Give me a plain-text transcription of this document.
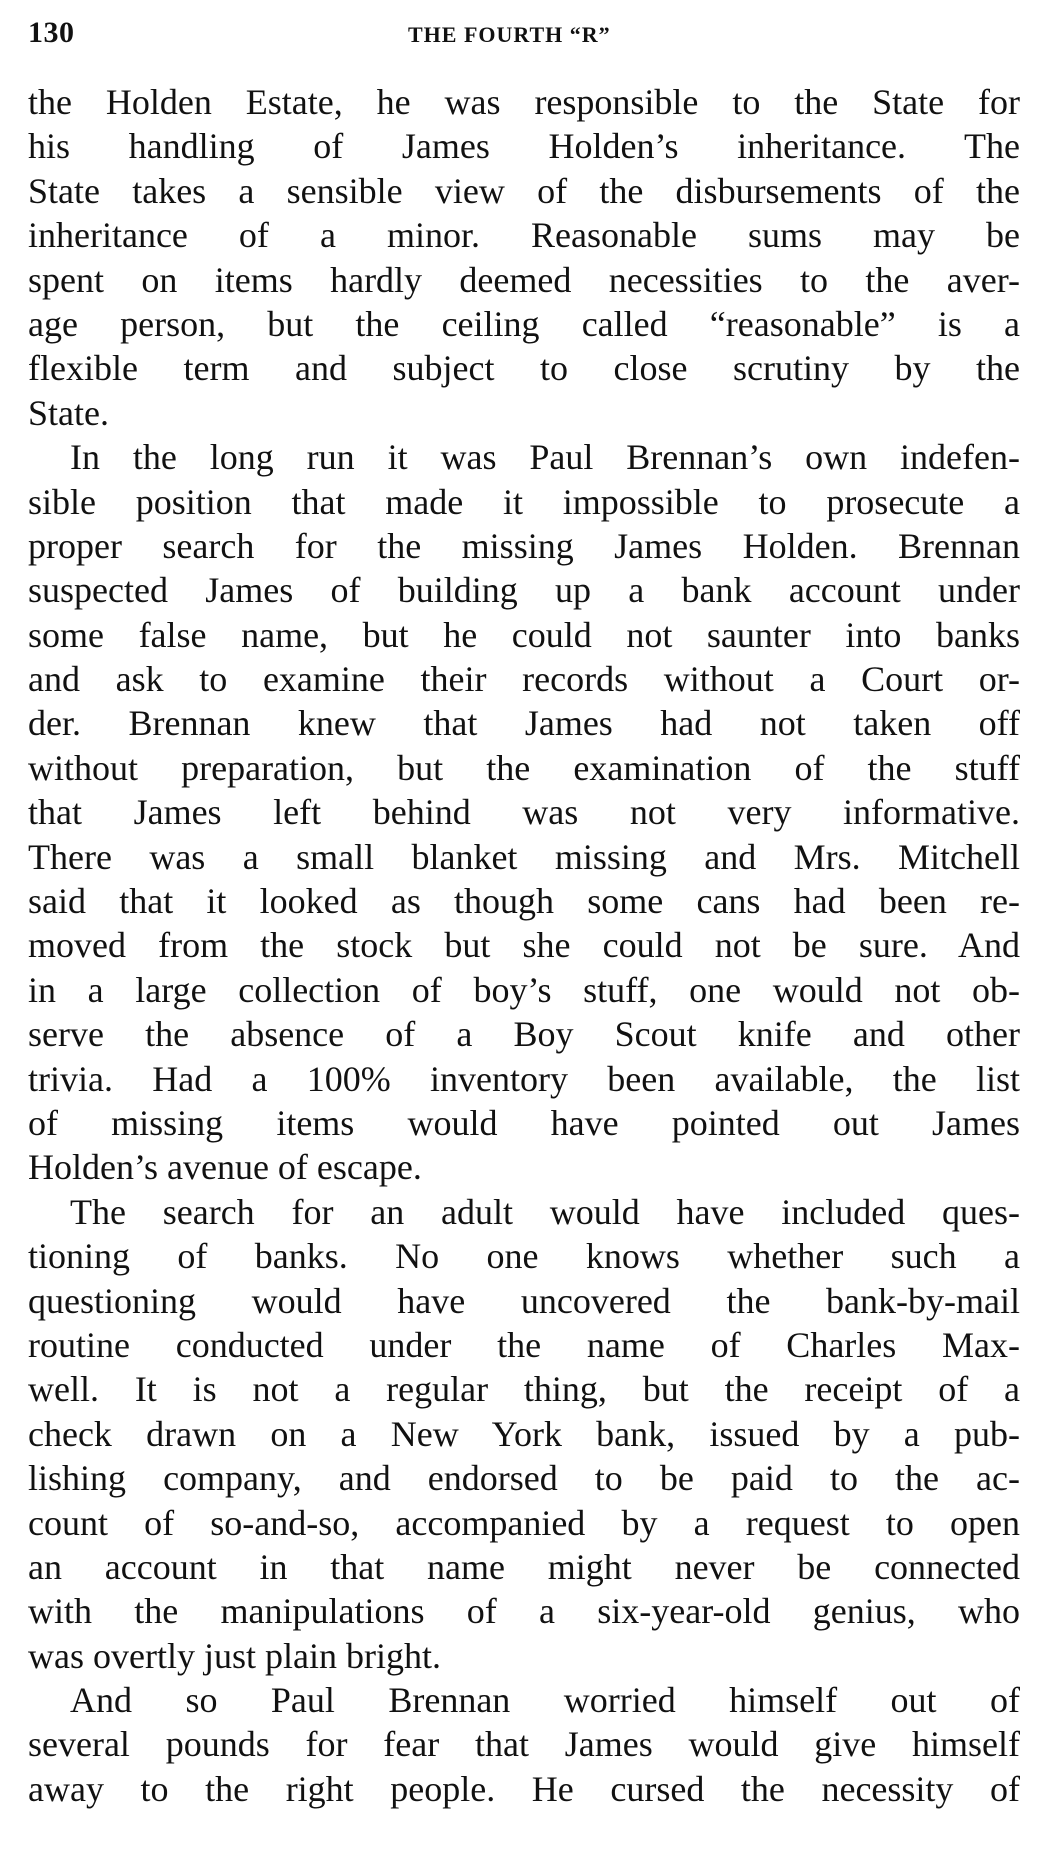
130	THE FOURTH “R”
the Holden Estate, he was responsible to the State for
his handling of James Holden’s inheritance. The
State takes a sensible view of the disbursements of the
inheritance of a minor. Reasonable sums may be
spent on items hardly deemed necessities to the aver-
age person, but the ceiling called “reasonable” is a
flexible term and subject to close scrutiny by the
State.
In the long run it was Paul Brennan’s own indefen-
sible position that made it impossible to prosecute a
proper search for the missing James Holden. Brennan
suspected James of building up a bank account under
some false name, but he could not saunter into banks
and ask to examine their records without a Court or-
der. Brennan knew that James had not taken off
without preparation, but the examination of the stuff
that James left behind was not very informative.
There was a small blanket missing and Mrs. Mitchell
said that it looked as though some cans had been re-
moved from the stock but she could not be sure. And
in a large collection of boy’s stuff, one would not ob-
serve the absence of a Boy Scout knife and other
trivia. Had a 100% inventory been available, the list
of missing items would have pointed out James
Holden’s avenue of escape.
The search for an adult would have included ques-
tioning of banks. No one knows whether such a
questioning would have uncovered the bank-by-mail
routine conducted under the name of Charles Max-
well. It is not a regular thing, but the receipt of a
check drawn on a New York bank, issued by a pub-
lishing company, and endorsed to be paid to the ac-
count of so-and-so, accompanied by a request to open
an account in that name might never be connected
with the manipulations of a six-year-old genius, who
was overtly just plain bright.
And so Paul Brennan worried himself out of
several pounds for fear that James would give himself
away to the right people. He cursed the necessity of
